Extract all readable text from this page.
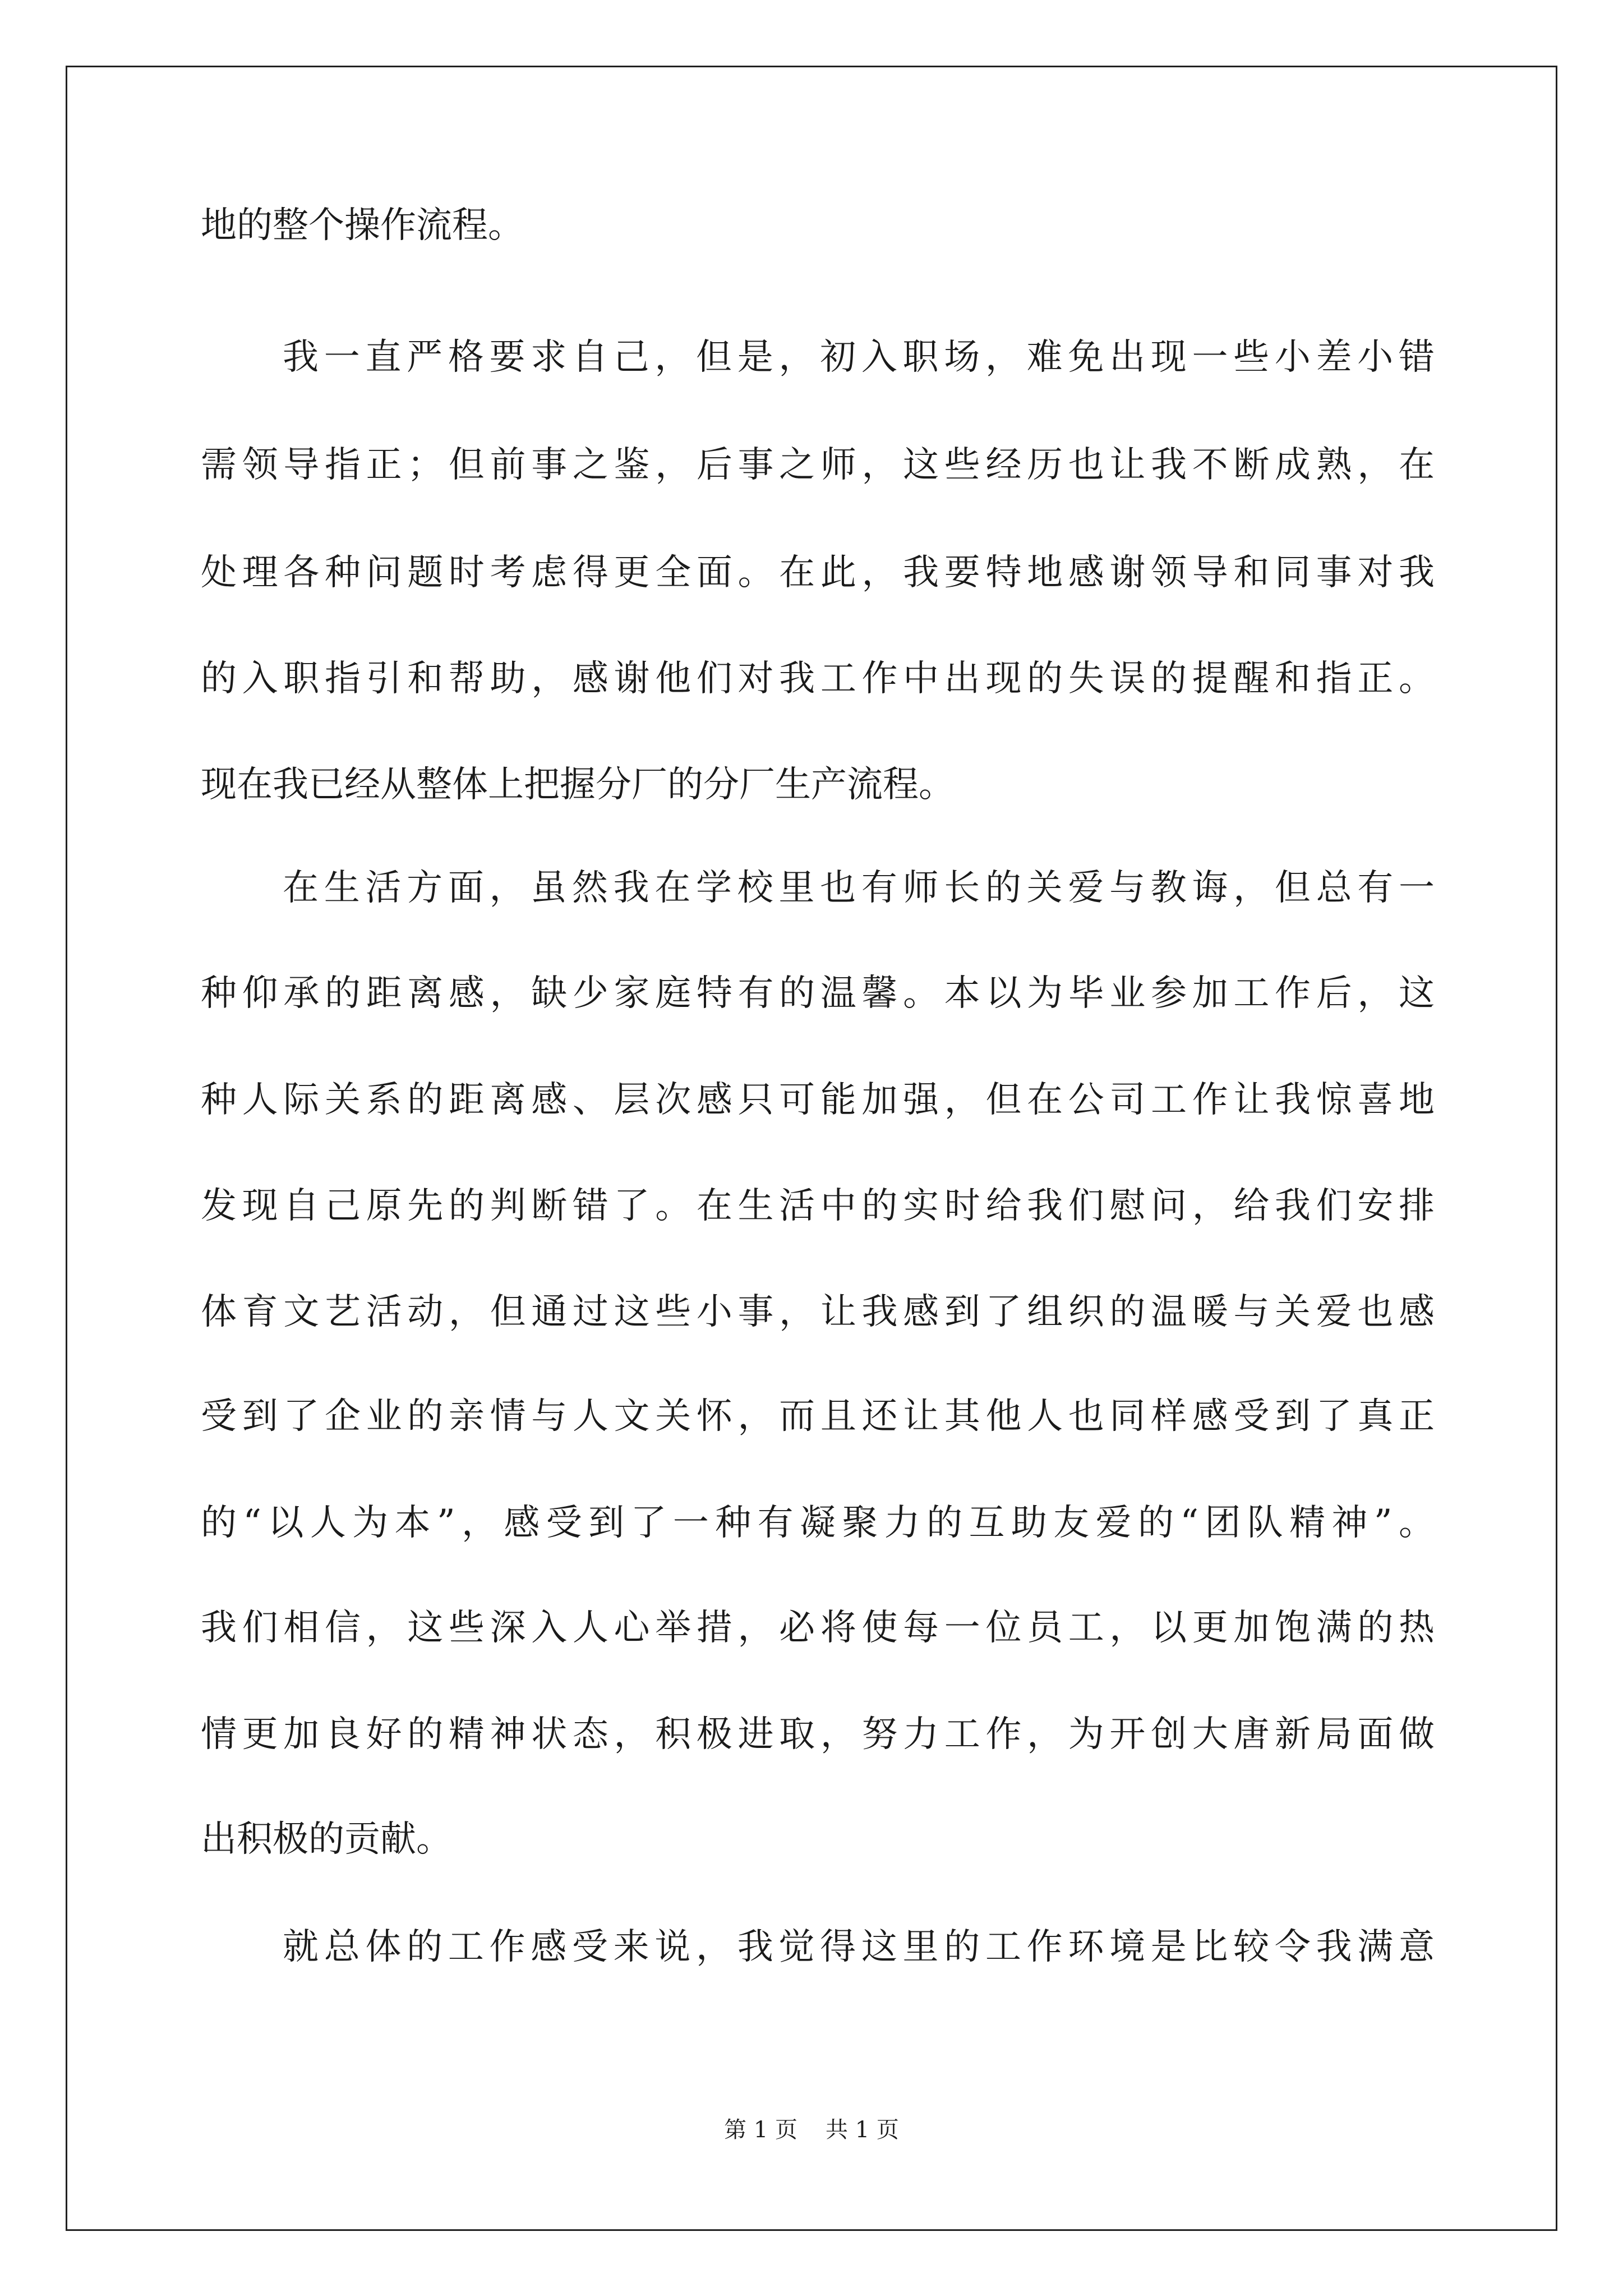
地的整个操作流程。
我一直严格要求自己，但是，初入职场，难免出现一些小差小错
需领导指正；但前事之鉴，后事之师，这些经历也让我不断成熟，在
处理各种问题时考虑得更全面。在此，我要特地感谢领导和同事对我
的入职指引和帮助，感谢他们对我工作中出现的失误的提醒和指正。
现在我已经从整体上把握分厂的分厂生产流程。
在生活方面，虽然我在学校里也有师长的关爱与教诲，但总有一
种仰承的距离感，缺少家庭特有的温馨。本以为毕业参加工作后，这
种人际关系的距离感、层次感只可能加强，但在公司工作让我惊喜地
发现自己原先的判断错了。在生活中的实时给我们慰问，给我们安排
体育文艺活动，但通过这些小事，让我感到了组织的温暖与关爱也感
受到了企业的亲情与人文关怀，而且还让其他人也同样感受到了真正
的“以人为本”，感受到了一种有凝聚力的互助友爱的“团队精神”。
我们相信，这些深入人心举措，必将使每一位员工，以更加饱满的热
情更加良好的精神状态，积极进取，努力工作，为开创大唐新局面做
出积极的贡献。
就总体的工作感受来说，我觉得这里的工作环境是比较令我满意
第 1 页 共 1 页
